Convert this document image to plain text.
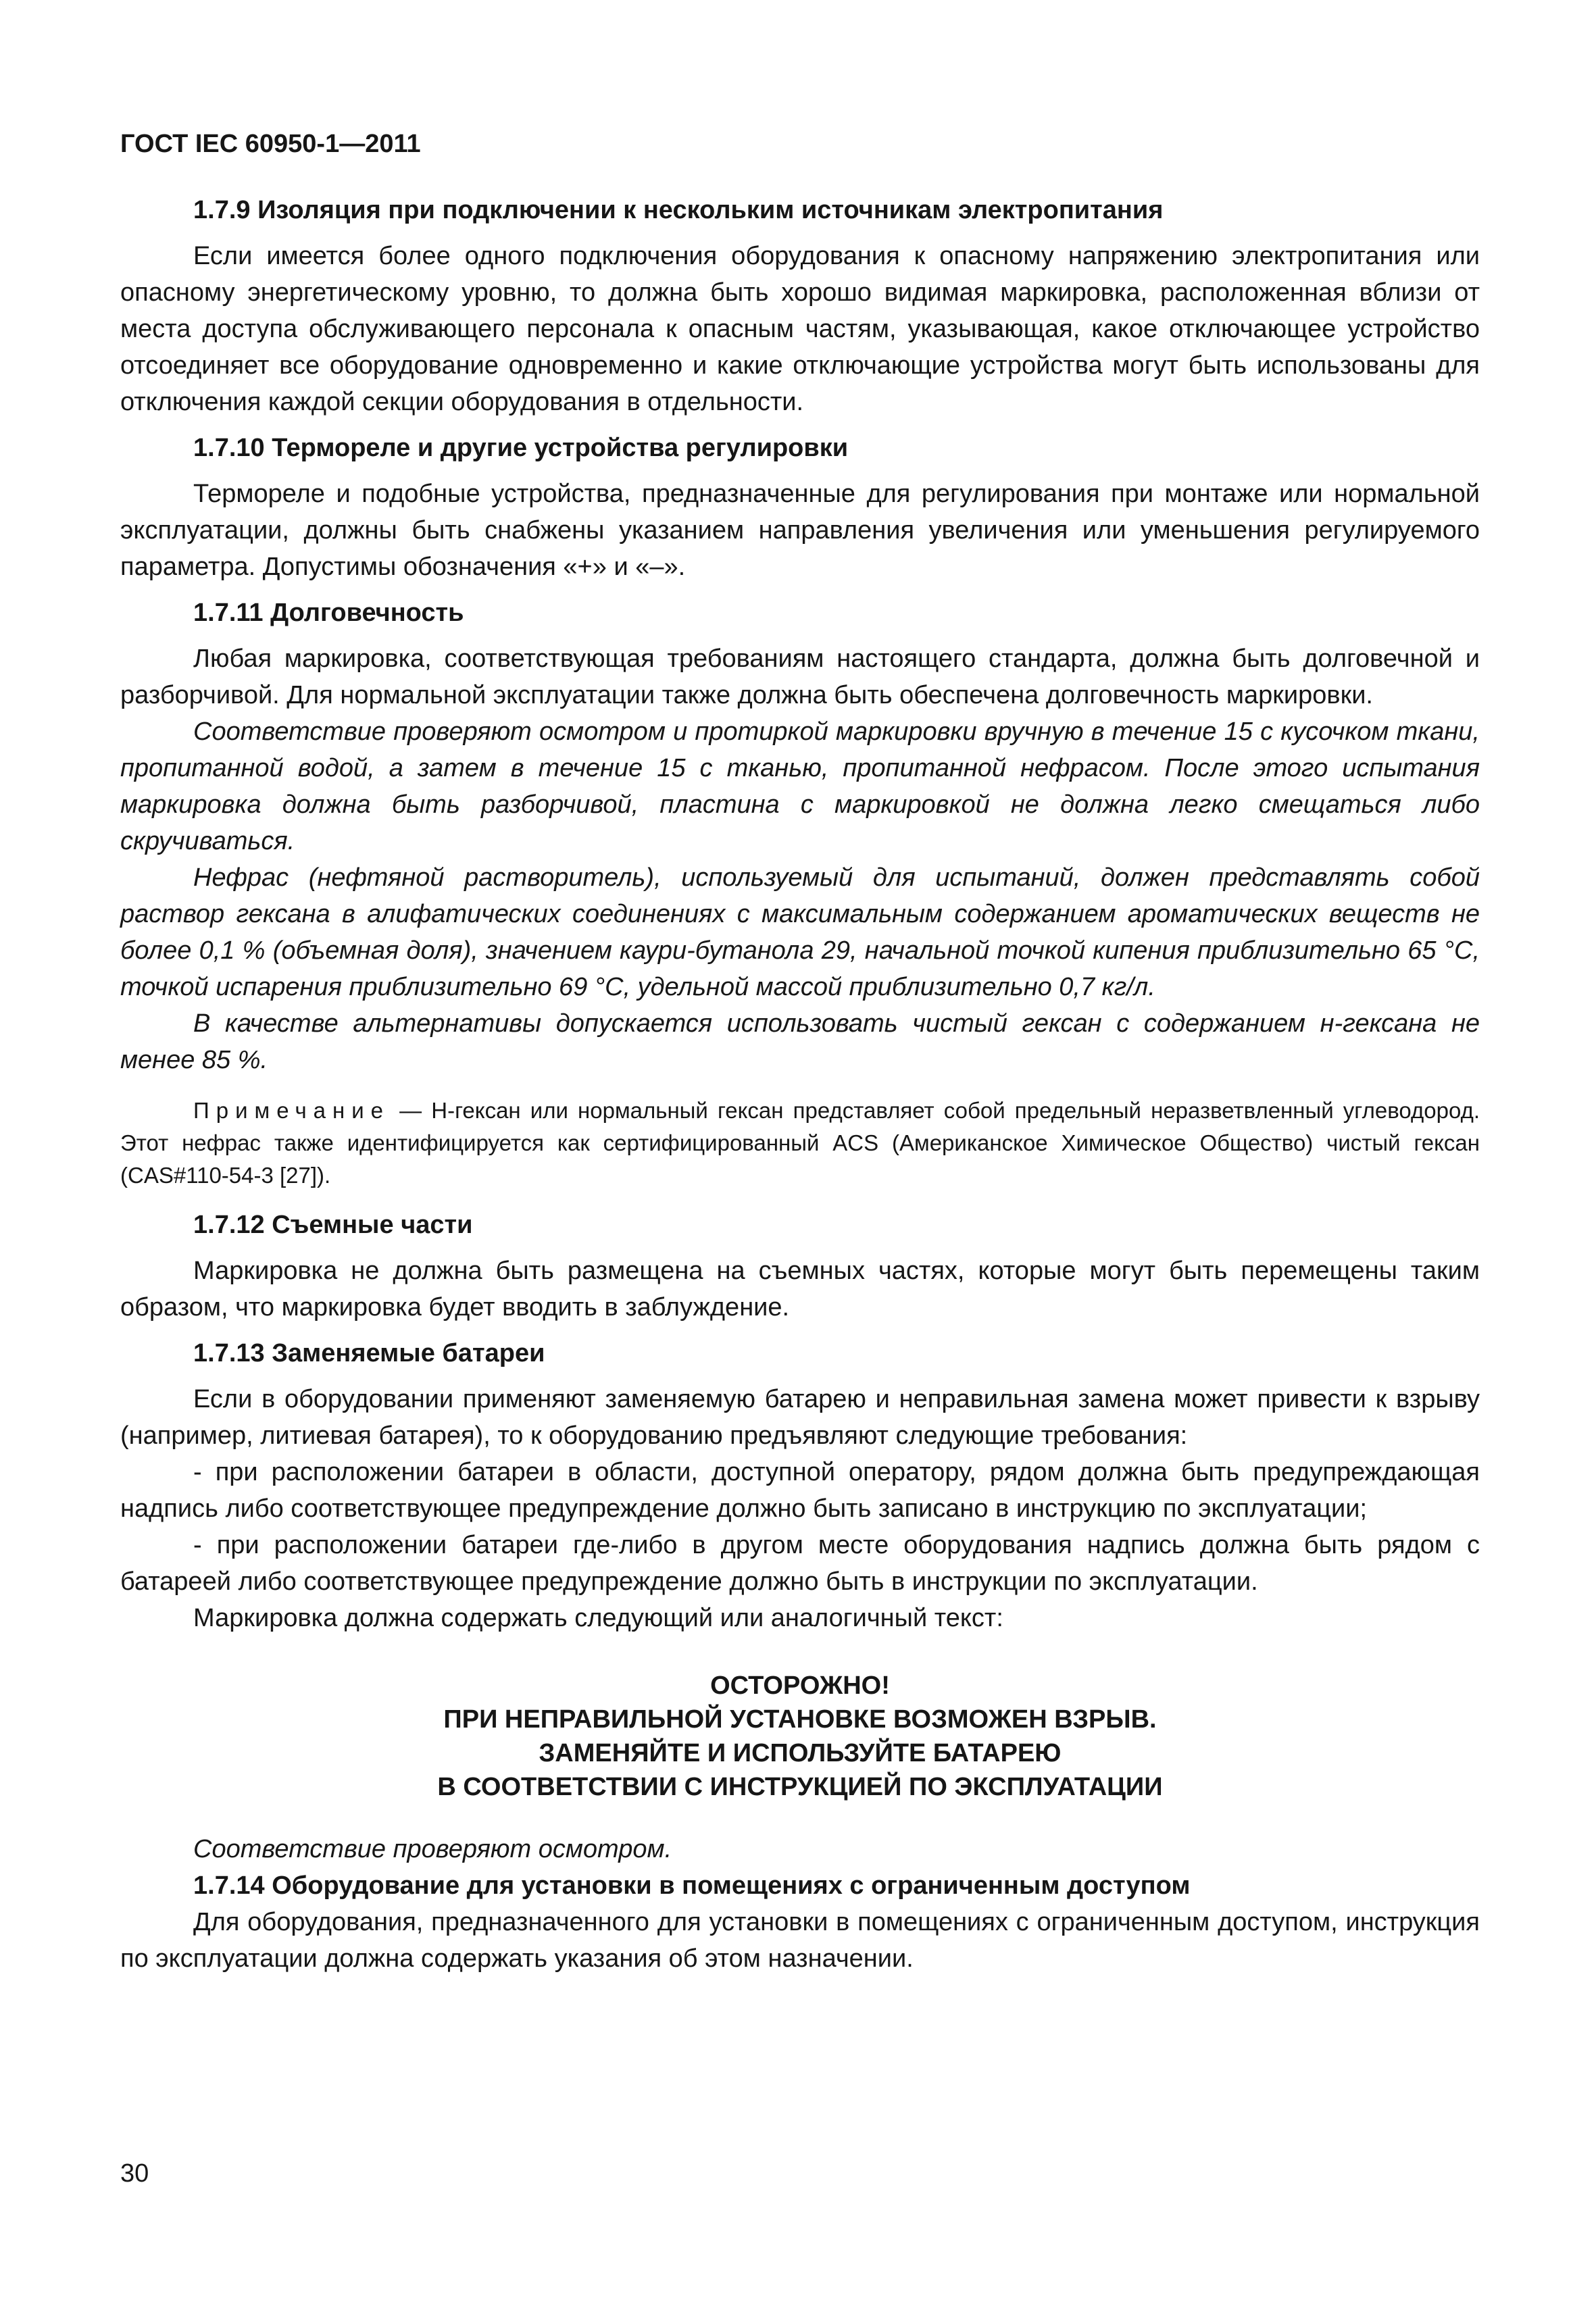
ГОСТ IEC 60950-1—2011
1.7.9 Изоляция при подключении к нескольким источникам электропитания
Если имеется более одного подключения оборудования к опасному напряжению электропитания или опасному энергетическому уровню, то должна быть хорошо видимая маркировка, расположенная вблизи от места доступа обслуживающего персонала к опасным частям, указывающая, какое отключающее устройство отсоединяет все оборудование одновременно и какие отключающие устройства могут быть использованы для отключения каждой секции оборудования в отдельности.
1.7.10 Термореле и другие устройства регулировки
Термореле и подобные устройства, предназначенные для регулирования при монтаже или нормальной эксплуатации, должны быть снабжены указанием направления увеличения или уменьшения регулируемого параметра. Допустимы обозначения «+» и «–».
1.7.11 Долговечность
Любая маркировка, соответствующая требованиям настоящего стандарта, должна быть долговечной и разборчивой. Для нормальной эксплуатации также должна быть обеспечена долговечность маркировки.
Соответствие проверяют осмотром и протиркой маркировки вручную в течение 15 с кусочком ткани, пропитанной водой, а затем в течение 15 с тканью, пропитанной нефрасом. После этого испытания маркировка должна быть разборчивой, пластина с маркировкой не должна легко смещаться либо скручиваться.
Нефрас (нефтяной растворитель), используемый для испытаний, должен представлять собой раствор гексана в алифатических соединениях с максимальным содержанием ароматических веществ не более 0,1 % (объемная доля), значением каури-бутанола 29, начальной точкой кипения приблизительно 65 °С, точкой испарения приблизительно 69 °С, удельной массой приблизительно 0,7 кг/л.
В качестве альтернативы допускается использовать чистый гексан с содержанием н-гексана не менее 85 %.
Примечание — Н-гексан или нормальный гексан представляет собой предельный неразветвленный углеводород. Этот нефрас также идентифицируется как сертифицированный ACS (Американское Химическое Общество) чистый гексан (CAS#110-54-3 [27]).
1.7.12 Съемные части
Маркировка не должна быть размещена на съемных частях, которые могут быть перемещены таким образом, что маркировка будет вводить в заблуждение.
1.7.13 Заменяемые батареи
Если в оборудовании применяют заменяемую батарею и неправильная замена может привести к взрыву (например, литиевая батарея), то к оборудованию предъявляют следующие требования:
- при расположении батареи в области, доступной оператору, рядом должна быть предупреждающая надпись либо соответствующее предупреждение должно быть записано в инструкцию по эксплуатации;
- при расположении батареи где-либо в другом месте оборудования надпись должна быть рядом с батареей либо соответствующее предупреждение должно быть в инструкции по эксплуатации.
Маркировка должна содержать следующий или аналогичный текст:
ОСТОРОЖНО!
ПРИ НЕПРАВИЛЬНОЙ УСТАНОВКЕ ВОЗМОЖЕН ВЗРЫВ.
ЗАМЕНЯЙТЕ И ИСПОЛЬЗУЙТЕ БАТАРЕЮ
В СООТВЕТСТВИИ С ИНСТРУКЦИЕЙ ПО ЭКСПЛУАТАЦИИ
Соответствие проверяют осмотром.
1.7.14 Оборудование для установки в помещениях с ограниченным доступом
Для оборудования, предназначенного для установки в помещениях с ограниченным доступом, инструкция по эксплуатации должна содержать указания об этом назначении.
30
